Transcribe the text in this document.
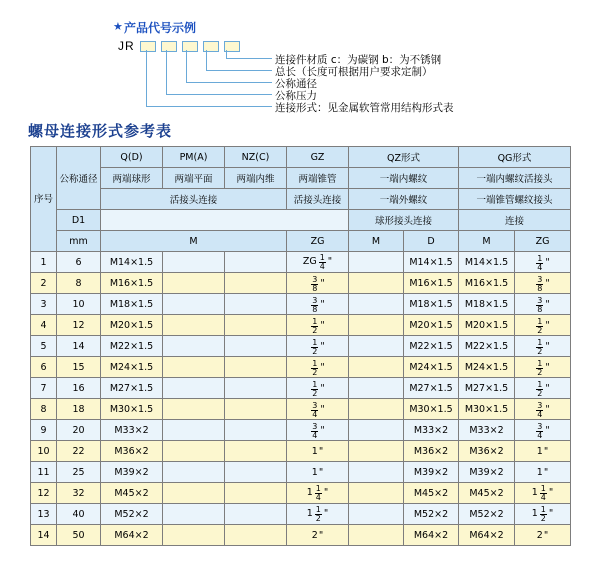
★ 产品代号示例
JR
连接件材质 c：为碳钢 b：为不锈钢
总长（长度可根据用户要求定制）
公称通径
公称压力
连接形式：见金属软管常用结构形式表
螺母连接形式参考表
序号	公称通径	Q(D)	PM(A)	NZ(C)	GZ	QZ形式		QG形式	
		两端球形	两端平面	两端内维	两端锥管	一端内螺纹		一端内螺纹活接头	
		活接头连接			活接头连接	一端外螺纹		一端锥管螺纹接头	
	D1					球形接头连接		连接	
	mm	M			ZG	M	D	M	ZG
1	6	M14×1.5			ZG $\frac{1}{4}$ "		M14×1.5	M14×1.5	$\frac{1}{4}$ "

2	8	M16×1.5			$\frac{3}{8}$ "		M16×1.5	M16×1.5	$\frac{3}{8}$ "

3	10	M18×1.5			$\frac{3}{8}$ "		M18×1.5	M18×1.5	$\frac{3}{8}$ "

4	12	M20×1.5			$\frac{1}{2}$ "		M20×1.5	M20×1.5	$\frac{1}{2}$ "

5	14	M22×1.5			$\frac{1}{2}$ "		M22×1.5	M22×1.5	$\frac{1}{2}$ "

6	15	M24×1.5			$\frac{1}{2}$ "		M24×1.5	M24×1.5	$\frac{1}{2}$ "

7	16	M27×1.5			$\frac{1}{2}$ "		M27×1.5	M27×1.5	$\frac{1}{2}$ "

8	18	M30×1.5			$\frac{3}{4}$ "		M30×1.5	M30×1.5	$\frac{3}{4}$ "

9	20	M33×2			$\frac{3}{4}$ "		M33×2	M33×2	$\frac{3}{4}$ "

10	22	M36×2			1 "		M36×2	M36×2	1 "

11	25	M39×2			1 "		M39×2	M39×2	1 "

12	32	M45×2			$1 \frac{1}{4}$ "		M45×2	M45×2	$1 \frac{1}{4}$ "

13	40	M52×2			$1 \frac{1}{2}$ "		M52×2	M52×2	$1 \frac{1}{2}$ "

14	50	M64×2			2 "		M64×2	M64×2	2 "
